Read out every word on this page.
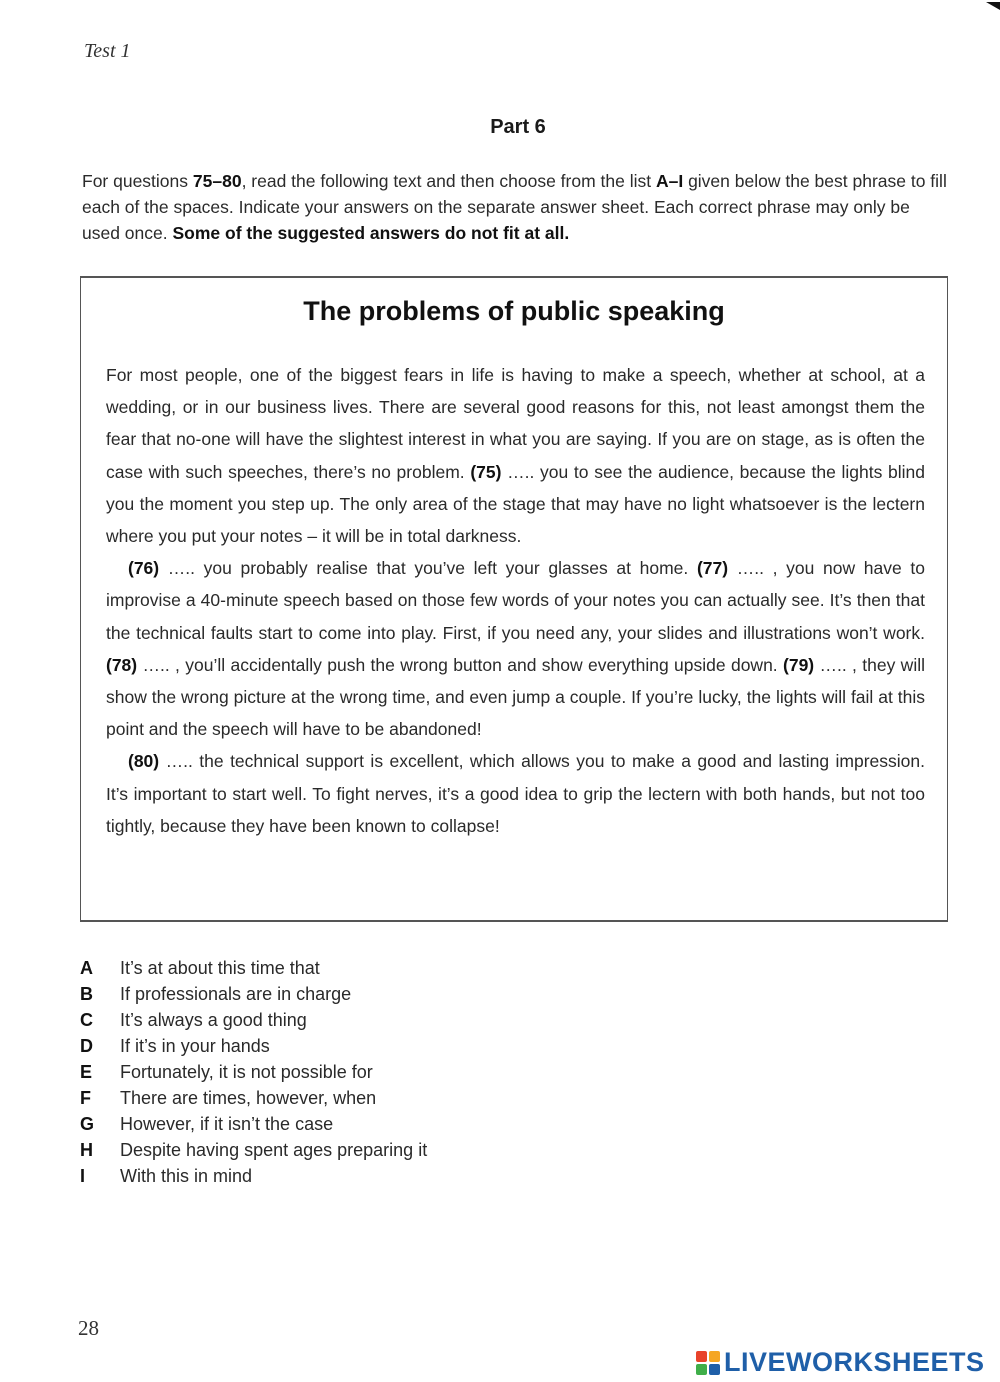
Test 1
Part 6
For questions 75–80, read the following text and then choose from the list A–I given below the best phrase to fill each of the spaces. Indicate your answers on the separate answer sheet. Each correct phrase may only be used once. Some of the suggested answers do not fit at all.
The problems of public speaking

For most people, one of the biggest fears in life is having to make a speech, whether at school, at a wedding, or in our business lives. There are several good reasons for this, not least amongst them the fear that no-one will have the slightest interest in what you are saying. If you are on stage, as is often the case with such speeches, there’s no problem. (75) ….. you to see the audience, because the lights blind you the moment you step up. The only area of the stage that may have no light whatsoever is the lectern where you put your notes – it will be in total darkness.

(76) ….. you probably realise that you’ve left your glasses at home. (77) ….. , you now have to improvise a 40-minute speech based on those few words of your notes you can actually see. It’s then that the technical faults start to come into play. First, if you need any, your slides and illustrations won’t work. (78) ….. , you’ll accidentally push the wrong button and show everything upside down. (79) ….. , they will show the wrong picture at the wrong time, and even jump a couple. If you’re lucky, the lights will fail at this point and the speech will have to be abandoned!

(80) ….. the technical support is excellent, which allows you to make a good and lasting impression. It’s important to start well. To fight nerves, it’s a good idea to grip the lectern with both hands, but not too tightly, because they have been known to collapse!

A	It’s at about this time that
B	If professionals are in charge
C	It’s always a good thing
D	If it’s in your hands
E	Fortunately, it is not possible for
F	There are times, however, when
G	However, if it isn’t the case
H	Despite having spent ages preparing it
I	With this in mind
28
LIVEWORKSHEETS
